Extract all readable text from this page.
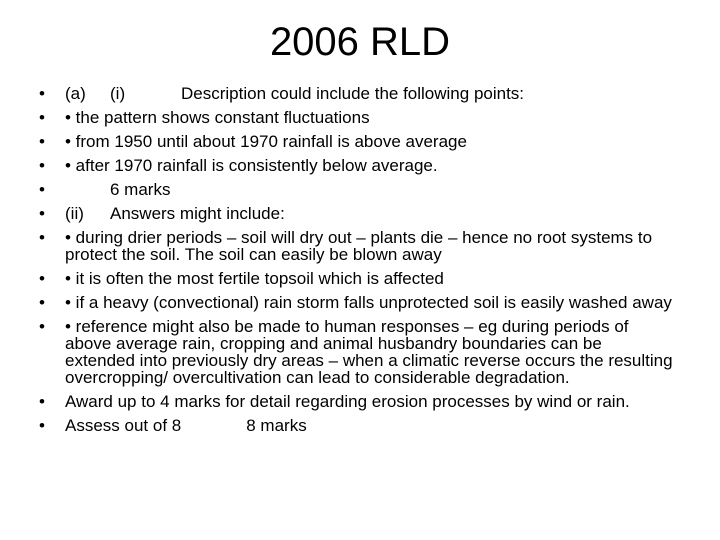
2006 RLD
• (a) (i)	Description could include the following points:
• • the pattern shows constant fluctuations
• • from 1950 until about 1970 rainfall is above average
• • after 1970 rainfall is consistently below average.
•	6 marks
• (ii) Answers might include:
• • during drier periods – soil will dry out – plants die – hence no root systems to protect the soil. The soil can easily be blown away
• • it is often the most fertile topsoil which is affected
• • if a heavy (convectional) rain storm falls unprotected soil is easily washed away
• • reference might also be made to human responses – eg during periods of above average rain, cropping and animal husbandry boundaries can be extended into previously dry areas – when a climatic reverse occurs the resulting overcropping/ overcultivation can lead to considerable degradation.
• Award up to 4 marks for detail regarding erosion processes by wind or rain.
• Assess out of 8	8 marks
